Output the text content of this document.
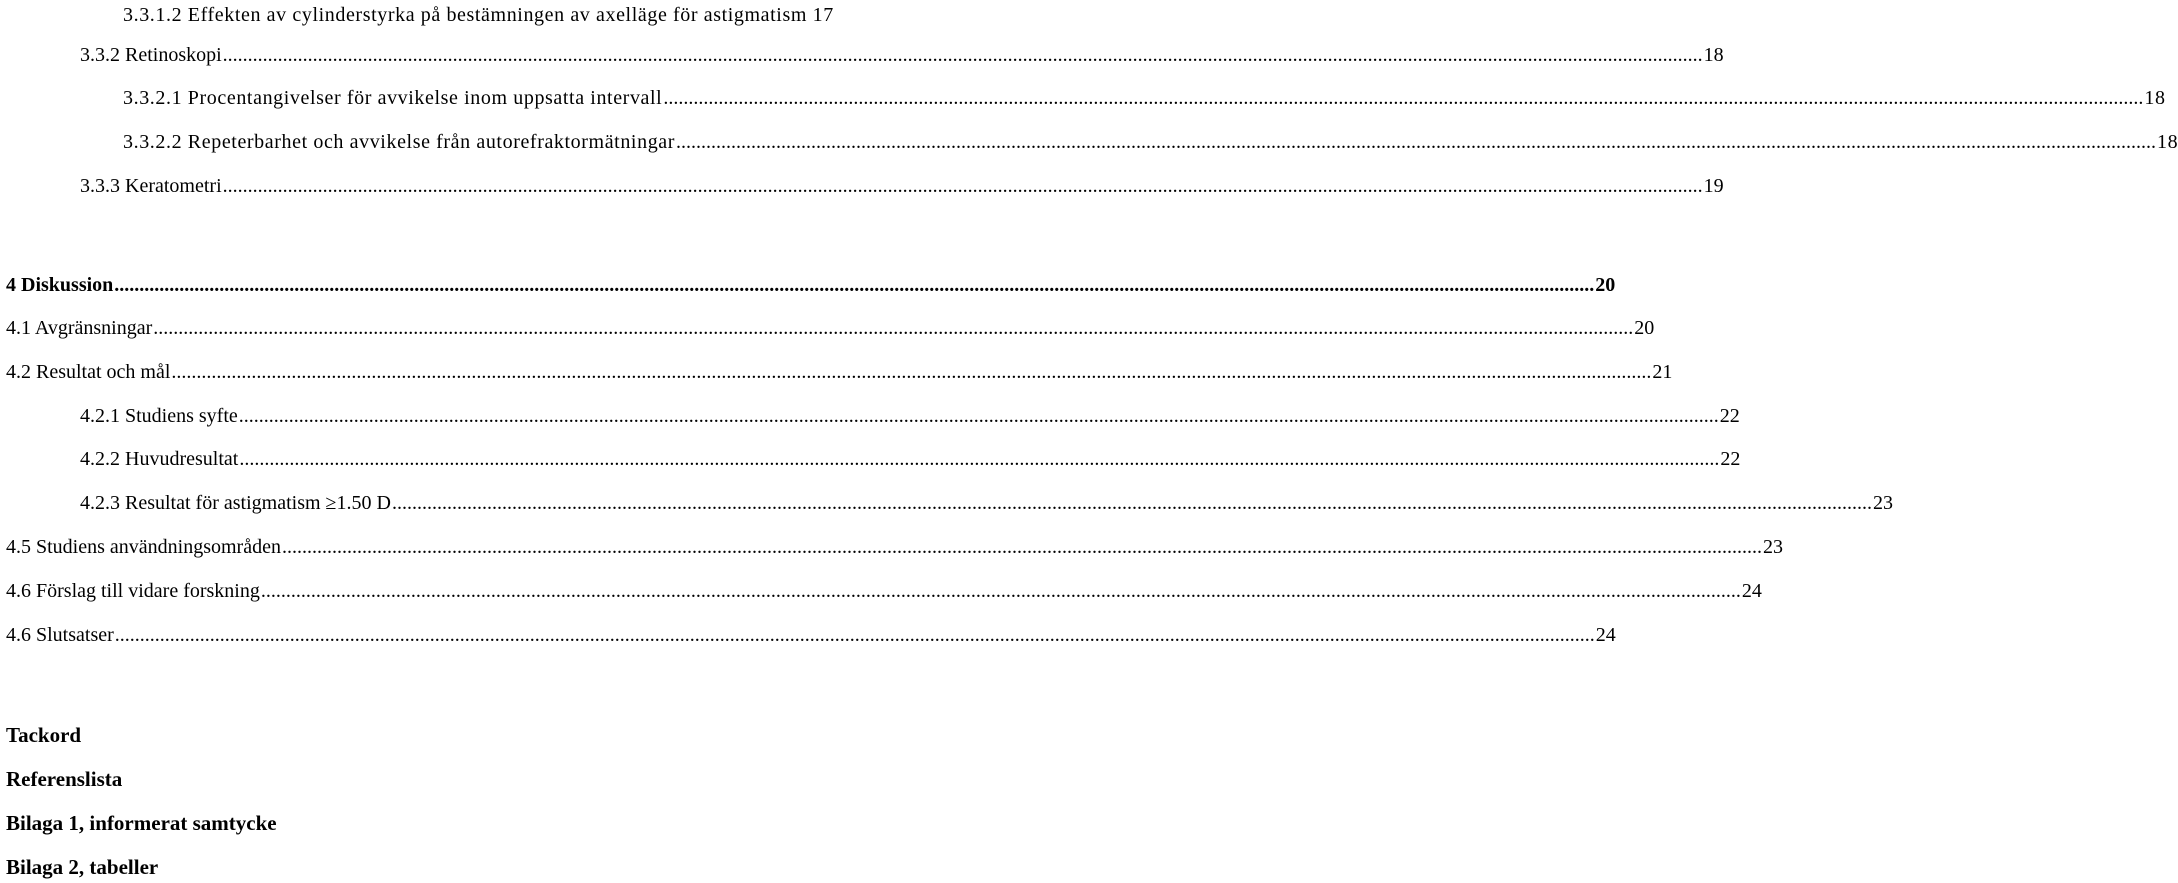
3.3.1.2 Effekten av cylinderstyrka på bestämningen av axelläge för astigmatism 17
3.3.2 Retinoskopi .....	18
3.3.2.1 Procentangivelser för avvikelse inom uppsatta intervall .....	18
3.3.2.2 Repeterbarhet och avvikelse från autorefraktormätningar .....	18
3.3.3 Keratometri .....	19
4 Diskussion .....	20
4.1 Avgränsningar .....	20
4.2 Resultat och mål .....	21
4.2.1 Studiens syfte .....	22
4.2.2 Huvudresultat .....	22
4.2.3 Resultat för astigmatism ≥1.50 D .....	23
4.5 Studiens användningsområden .....	23
4.6 Förslag till vidare forskning .....	24
4.6 Slutsatser .....	24
Tackord
Referenslista
Bilaga 1, informerat samtycke
Bilaga 2, tabeller
